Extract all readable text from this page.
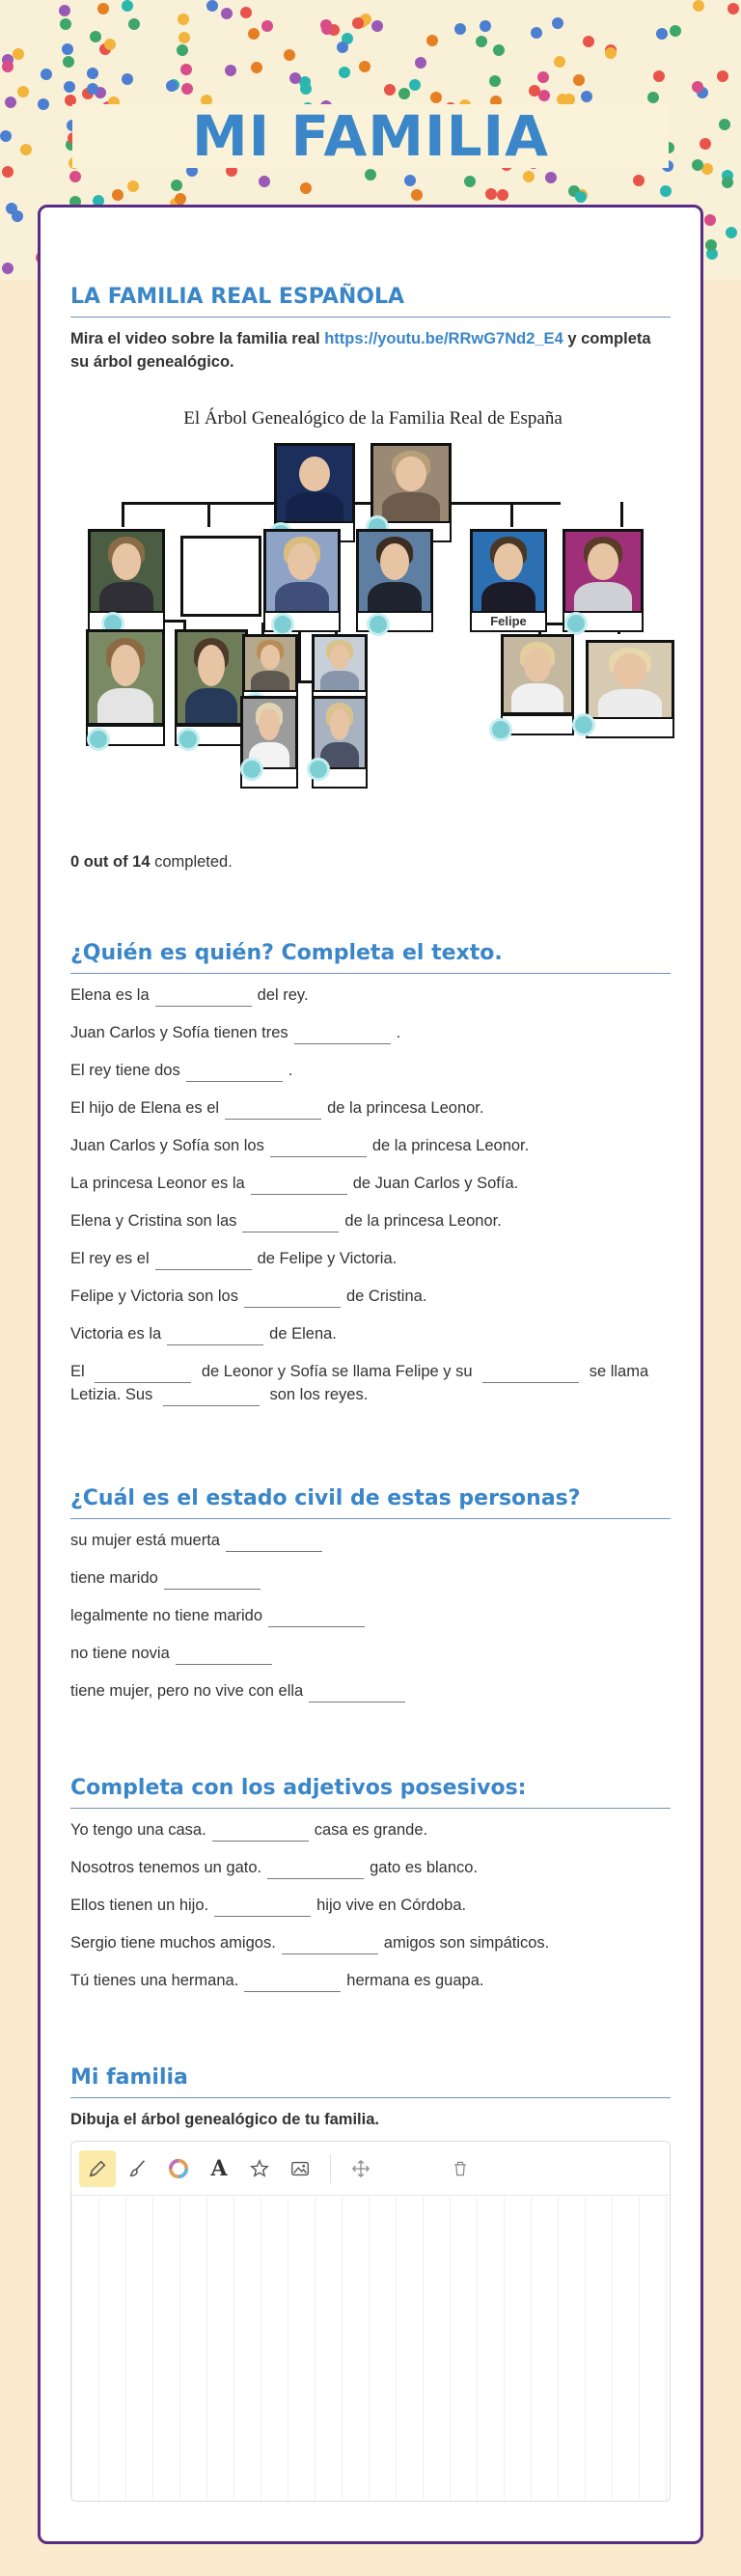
MI FAMILIA
LA FAMILIA REAL ESPAÑOLA
Mira el video sobre la familia real https://youtu.be/RRwG7Nd2_E4 y completa su árbol genealógico.
El Árbol Genealógico de la Familia Real de España
Felipe
0 out of 14 completed.
¿Quién es quién? Completa el texto.
Elena es la	del rey.
Juan Carlos y Sofía tienen tres	.
El rey tiene dos	.
El hijo de Elena es el	de la princesa Leonor.
Juan Carlos y Sofía son los	de la princesa Leonor.
La princesa Leonor es la	de Juan Carlos y Sofía.
Elena y Cristina son las	de la princesa Leonor.
El rey es el	de Felipe y Victoria.
Felipe y Victoria son los	de Cristina.
Victoria es la	de Elena.
El	de Leonor y Sofía se llama Felipe y su	se llama Letizia. Sus	son los reyes.
¿Cuál es el estado civil de estas personas?
su mujer está muerta
tiene marido
legalmente no tiene marido
no tiene novia
tiene mujer, pero no vive con ella
Completa con los adjetivos posesivos:
Yo tengo una casa.	casa es grande.
Nosotros tenemos un gato.	gato es blanco.
Ellos tienen un hijo.	hijo vive en Córdoba.
Sergio tiene muchos amigos.	amigos son simpáticos.
Tú tienes una hermana.	hermana es guapa.
Mi familia
Dibuja el árbol genealógico de tu familia.
A
